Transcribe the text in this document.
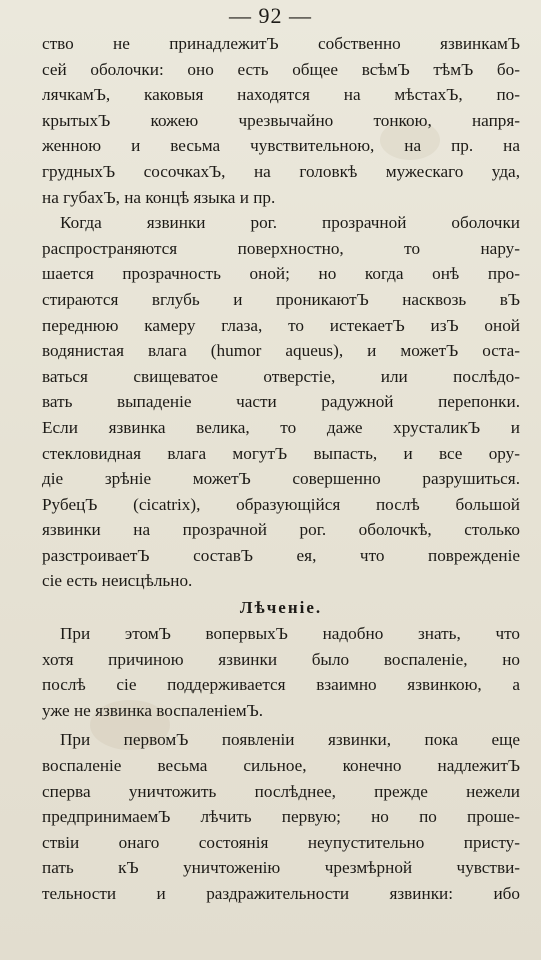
— 92 —
ство не принадлежитЪ собственно язвинкамЪ
сей оболочки: оно есть общее всѣмЪ тѣмЪ бо-
лячкамЪ, каковыя находятся на мѣстахЪ, по-
крытыхЪ кожею чрезвычайно тонкою, напря-
женною и весьма чувствительною, на пр. на
грудныхЪ сосочкахЪ, на головкѣ мужескаго уда,
на губахЪ, на концѣ языка и пр.
Когда язвинки рог. прозрачной оболочки
распространяются поверхностно, то нару-
шается прозрачность оной; но когда онѣ про-
стираются вглубь и проникаютЪ насквозь вЪ
переднюю камеру глаза, то истекаетЪ изЪ оной
водянистая влага (humor aqueus), и можетЪ оста-
ваться свищеватое отверстіе, или послѣдо-
вать выпаденіе части радужной перепонки.
Если язвинка велика, то даже хрусталикЪ и
стекловидная влага могутЪ выпасть, и все ору-
діе зрѣніе можетЪ совершенно разрушиться.
РубецЪ (cicatrix), образующійся послѣ большой
язвинки на прозрачной рог. оболочкѣ, столько
разстроиваетЪ составЪ ея, что поврежденіе
сіе есть неисцѣльно.
Лѣченіе.
При этомЪ вопервыхЪ надобно знать, что
хотя причиною язвинки было воспаленіе, но
послѣ сіе поддерживается взаимно язвинкою, а
уже не язвинка воспаленіемЪ.
При первомЪ появленіи язвинки, пока еще
воспаленіе весьма сильное, конечно надлежитЪ
сперва уничтожить послѣднее, прежде нежели
предпринимаемЪ лѣчить первую; но по проше-
ствіи онаго состоянія неупустительно присту-
пать кЪ уничтоженію чрезмѣрной чувстви-
тельности и раздражительности язвинки: ибо
